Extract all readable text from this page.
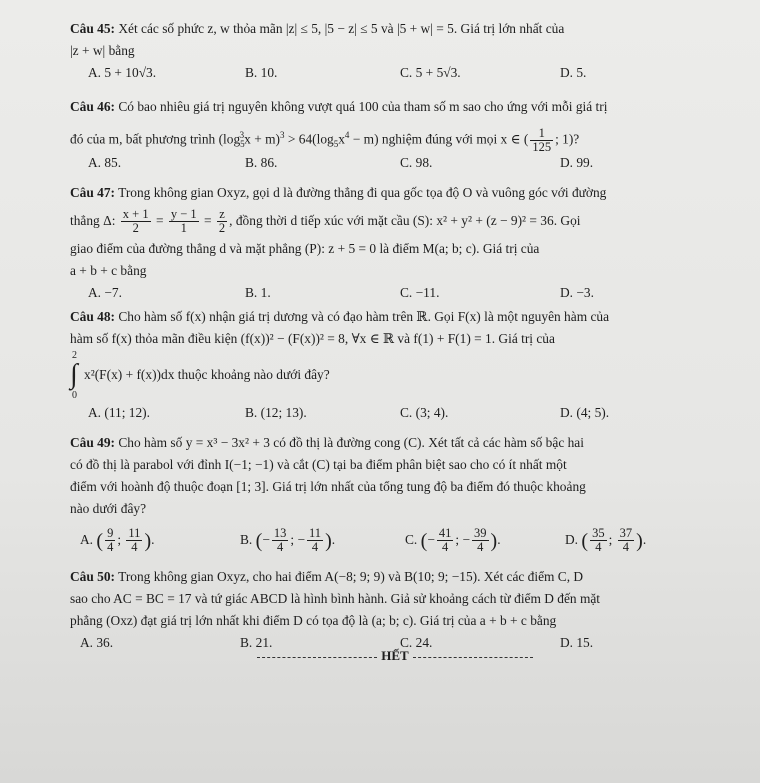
Câu 45: Xét các số phức z, w thỏa mãn |z| ≤ 5, |5 − z| ≤ 5 và |5 + w| = 5. Giá trị lớn nhất của
|z + w| bằng
A. 5 + 10√3.	B. 10.	C. 5 + 5√3.	D. 5.
Câu 46: Có bao nhiêu giá trị nguyên không vượt quá 100 của tham số m sao cho ứng với mỗi giá trị
đó của m, bất phương trình $(\log_5^3x + m)^3 > 64(\log_5x^4 - m)$ nghiệm đúng với mọi x ∈ ( $\frac{1}{125}$ ; 1)?
A. 85.	B. 86.	C. 98.	D. 99.
Câu 47: Trong không gian Oxyz, gọi d là đường thẳng đi qua gốc tọa độ O và vuông góc với đường
thẳng Δ: $\frac{x + 1}{2} = \frac{y - 1}{1} = \frac{z}{2}$ , đồng thời d tiếp xúc với mặt cầu (S): x² + y² + (z − 9)² = 36. Gọi
giao điểm của đường thẳng d và mặt phẳng (P): z + 5 = 0 là điểm M(a; b; c). Giá trị của
a + b + c bằng
A. −7.	B. 1.	C. −11.	D. −3.
Câu 48: Cho hàm số f(x) nhận giá trị dương và có đạo hàm trên ℝ. Gọi F(x) là một nguyên hàm của
hàm số f(x) thỏa mãn điều kiện (f(x))² − (F(x))² = 8, ∀x ∈ ℝ và f(1) + F(1) = 1. Giá trị của
2
∫
0
x²(F(x) + f(x))dx thuộc khoảng nào dưới đây?
A. (11; 12).	B. (12; 13).	C. (3; 4).	D. (4; 5).
Câu 49: Cho hàm số y = x³ − 3x² + 3 có đồ thị là đường cong (C). Xét tất cả các hàm số bậc hai
có đồ thị là parabol với đỉnh I(−1; −1) và cắt (C) tại ba điểm phân biệt sao cho có ít nhất một
điểm với hoành độ thuộc đoạn [1; 3]. Giá trị lớn nhất của tổng tung độ ba điểm đó thuộc khoảng
nào dưới đây?
A. ( $\frac{9}{4}$ ; $\frac{11}{4}$ ).	B. (− $\frac{13}{4}$ ; − $\frac{11}{4}$ ).	C. (− $\frac{41}{4}$ ; − $\frac{39}{4}$ ).	D. ( $\frac{35}{4}$ ; $\frac{37}{4}$ ).
Câu 50: Trong không gian Oxyz, cho hai điểm A(−8; 9; 9) và B(10; 9; −15). Xét các điểm C, D
sao cho AC = BC = 17 và tứ giác ABCD là hình bình hành. Giả sử khoảng cách từ điểm D đến mặt
phẳng (Oxz) đạt giá trị lớn nhất khi điểm D có tọa độ là (a; b; c). Giá trị của a + b + c bằng
A. 36.	B. 21.	C. 24.	D. 15.
HẾT
